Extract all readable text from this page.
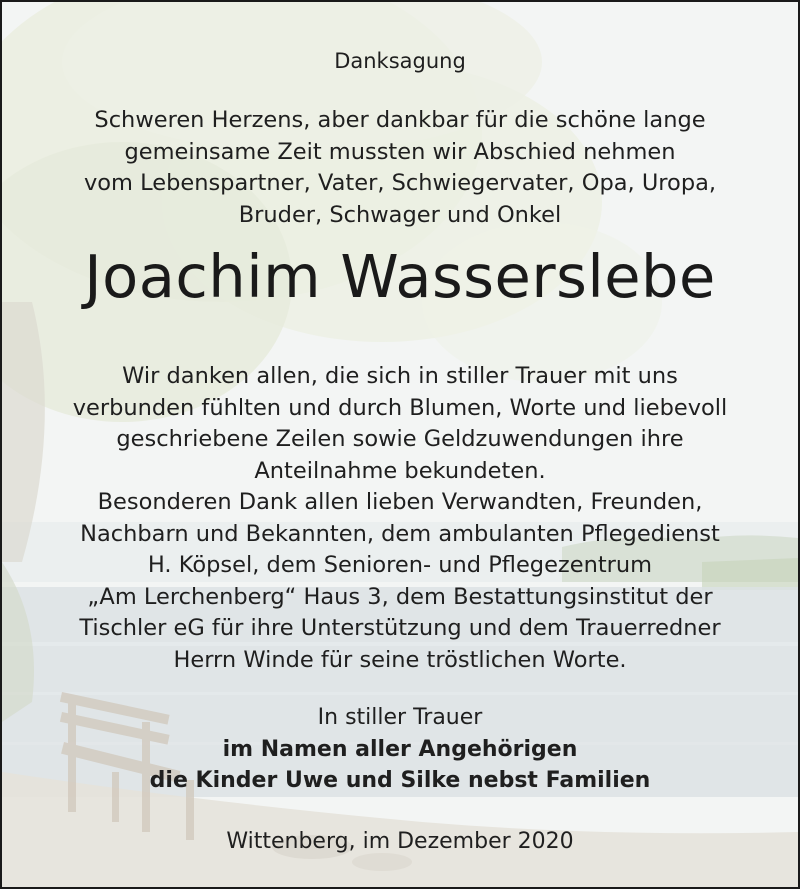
Danksagung
Schweren Herzens, aber dankbar für die schöne lange
gemeinsame Zeit mussten wir Abschied nehmen
vom Lebenspartner, Vater, Schwiegervater, Opa, Uropa,
Bruder, Schwager und Onkel
Joachim Wasserslebe
Wir danken allen, die sich in stiller Trauer mit uns
verbunden fühlten und durch Blumen, Worte und liebevoll
geschriebene Zeilen sowie Geldzuwendungen ihre
Anteilnahme bekundeten.
Besonderen Dank allen lieben Verwandten, Freunden,
Nachbarn und Bekannten, dem ambulanten Pflegedienst
H. Köpsel, dem Senioren- und Pflegezentrum
„Am Lerchenberg“ Haus 3, dem Bestattungsinstitut der
Tischler eG für ihre Unterstützung und dem Trauerredner
Herrn Winde für seine tröstlichen Worte.
In stiller Trauer
im Namen aller Angehörigen
die Kinder Uwe und Silke nebst Familien
Wittenberg, im Dezember 2020
